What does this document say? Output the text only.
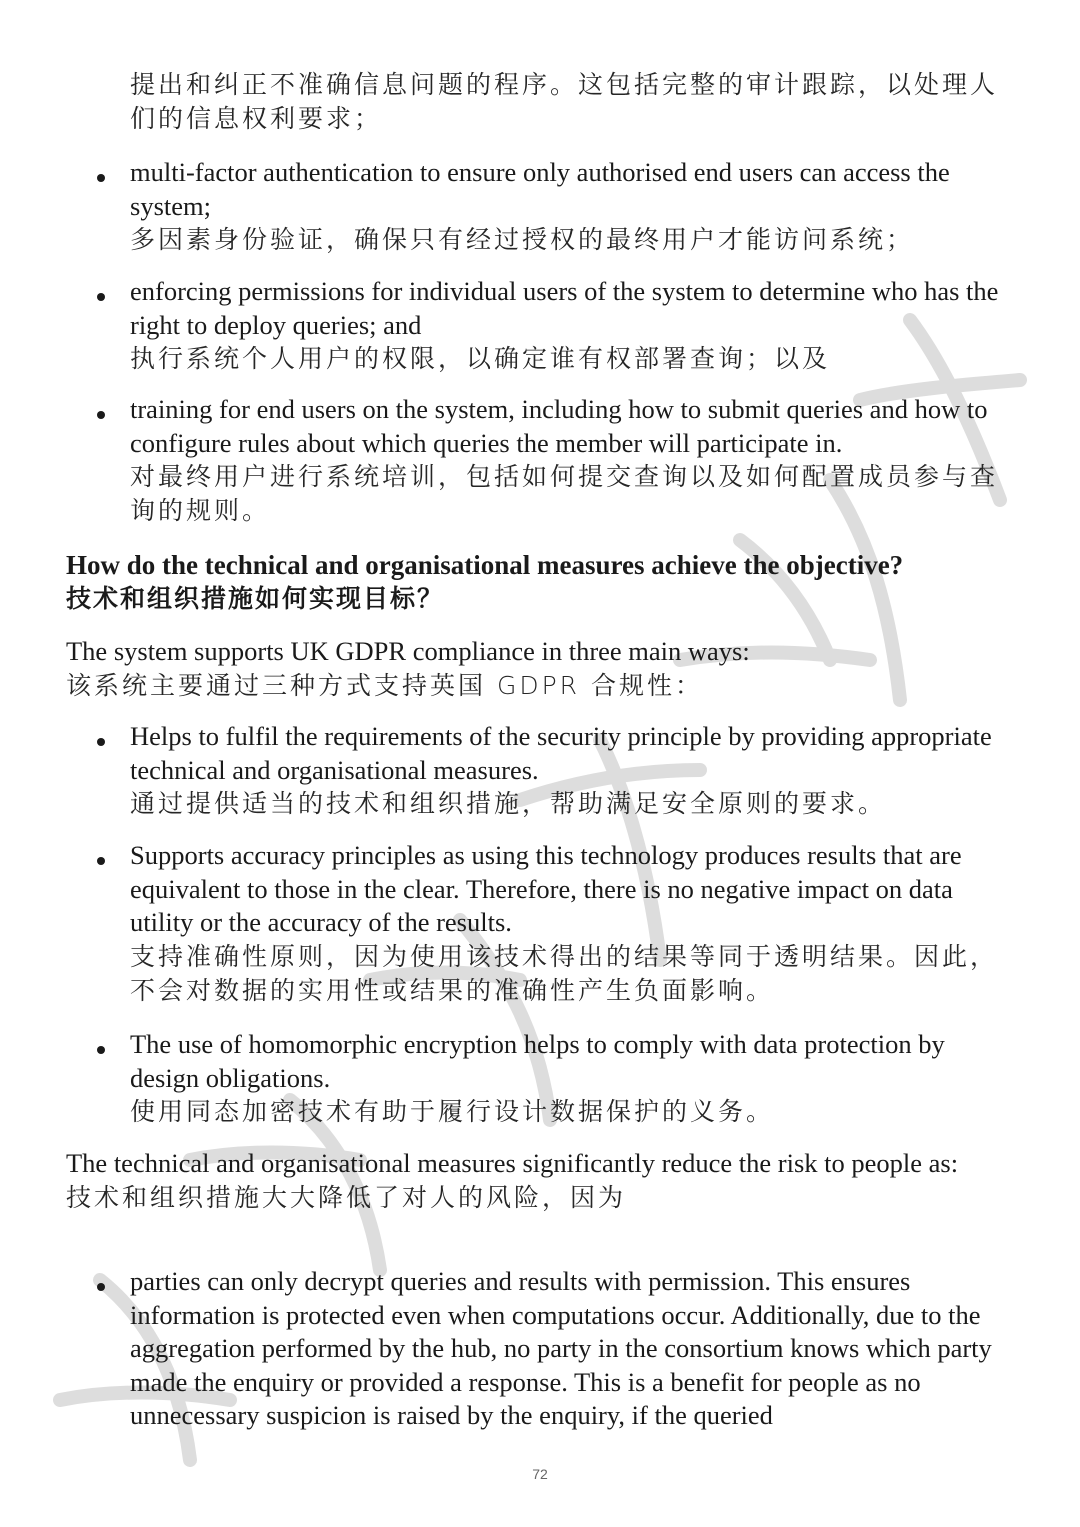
提出和纠正不准确信息问题的程序。这包括完整的审计跟踪，以处理人们的信息权利要求；

multi-factor authentication to ensure only authorised end users can access the system;

多因素身份验证，确保只有经过授权的最终用户才能访问系统；

enforcing permissions for individual users of the system to determine who has the right to deploy queries; and

执行系统个人用户的权限，以确定谁有权部署查询；以及

training for end users on the system, including how to submit queries and how to configure rules about which queries the member will participate in.

对最终用户进行系统培训，包括如何提交查询以及如何配置成员参与查询的规则。

How do the technical and organisational measures achieve the objective?

技术和组织措施如何实现目标？

The system supports UK GDPR compliance in three main ways:

该系统主要通过三种方式支持英国 GDPR 合规性：

Helps to fulfil the requirements of the security principle by providing appropriate technical and organisational measures.

通过提供适当的技术和组织措施，帮助满足安全原则的要求。

Supports accuracy principles as using this technology produces results that are equivalent to those in the clear. Therefore, there is no negative impact on data utility or the accuracy of the results.

支持准确性原则，因为使用该技术得出的结果等同于透明结果。因此，不会对数据的实用性或结果的准确性产生负面影响。

The use of homomorphic encryption helps to comply with data protection by design obligations.

使用同态加密技术有助于履行设计数据保护的义务。

The technical and organisational measures significantly reduce the risk to people as:

技术和组织措施大大降低了对人的风险，因为

parties can only decrypt queries and results with permission. This ensures information is protected even when computations occur. Additionally, due to the aggregation performed by the hub, no party in the consortium knows which party made the enquiry or provided a response. This is a benefit for people as no unnecessary suspicion is raised by the enquiry, if the queried

72
